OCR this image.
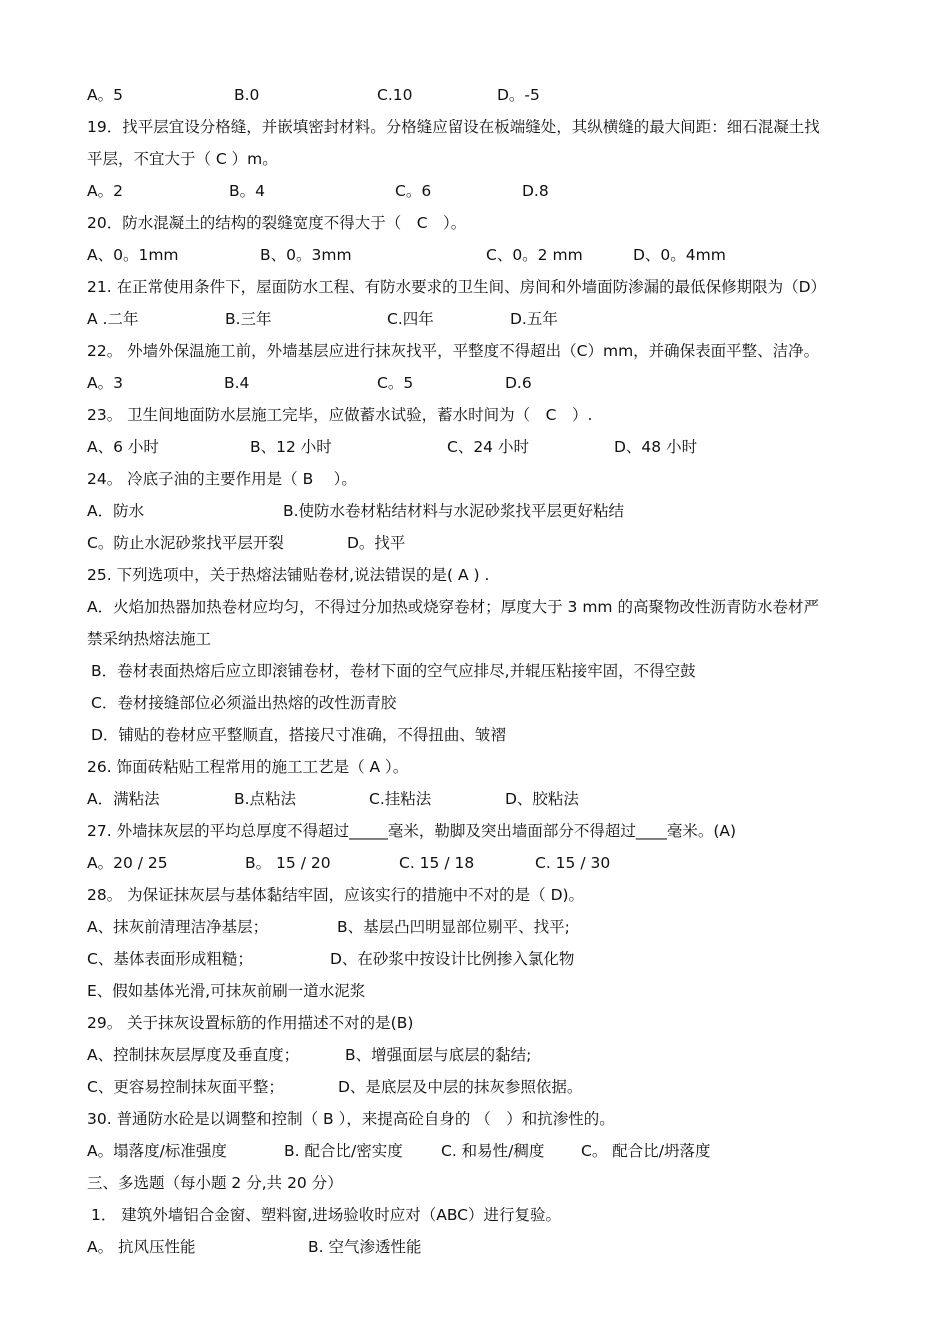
A。5	B.0	C.10	D。-5
19．找平层宜设分格缝，并嵌填密封材料。分格缝应留设在板端缝处，其纵横缝的最大间距：细石混凝土找
平层，不宜大于（ C ）m。
A。2	B。4	C。6	D.8
20．防水混凝土的结构的裂缝宽度不得大于（　C　）。
A、0。1mm	B、0。3mm	C、0。2 mm	D、0。4mm
21. 在正常使用条件下，屋面防水工程、有防水要求的卫生间、房间和外墙面防渗漏的最低保修期限为（D）
A .二年	B.三年	C.四年	D.五年
22。 外墙外保温施工前，外墙基层应进行抹灰找平，平整度不得超出（C）mm，并确保表面平整、洁净。
A。3	B.4	C。5	D.6
23。 卫生间地面防水层施工完毕，应做蓄水试验，蓄水时间为（　C　）.
A、6 小时	B、12 小时	C、24 小时	D、48 小时
24。 冷底子油的主要作用是（ B　 ）。
A．防水	B.使防水卷材粘结材料与水泥砂浆找平层更好粘结
C。防止水泥砂浆找平层开裂	D。找平
25. 下列选项中，关于热熔法铺贴卷材,说法错误的是( A ) .
A．火焰加热器加热卷材应均匀，不得过分加热或烧穿卷材；厚度大于 3 mm 的高聚物改性沥青防水卷材严
禁采纳热熔法施工
B．卷材表面热熔后应立即滚铺卷材，卷材下面的空气应排尽,并辊压粘接牢固，不得空鼓
C．卷材接缝部位必须溢出热熔的改性沥青胶
D．铺贴的卷材应平整顺直，搭接尺寸准确，不得扭曲、皱褶
26. 饰面砖粘贴工程常用的施工工艺是（ A ）。
A．满粘法	B.点粘法	C.挂粘法	D、胶粘法
27. 外墙抹灰层的平均总厚度不得超过_____毫米，勒脚及突出墙面部分不得超过____毫米。(A)
A。20 / 25	B。 15 / 20	C. 15 / 18	C. 15 / 30
28。 为保证抹灰层与基体黏结牢固，应该实行的措施中不对的是（ D)。
A、抹灰前清理洁净基层；	B、基层凸凹明显部位剔平、找平;
C、基体表面形成粗糙；	D、在砂浆中按设计比例掺入氯化物
E、假如基体光滑,可抹灰前刷一道水泥浆
29。 关于抹灰设置标筋的作用描述不对的是(B)
A、控制抹灰层厚度及垂直度；	B、增强面层与底层的黏结;
C、更容易控制抹灰面平整；	D、是底层及中层的抹灰参照依据。
30. 普通防水砼是以调整和控制（ B ），来提高砼自身的 （　）和抗渗性的。
A。塌落度/标准强度	B. 配合比/密实度 C. 和易性/稠度 C。 配合比/坍落度
三、多选题（每小题 2 分,共 20 分）
1． 建筑外墙铝合金窗、塑料窗,进场验收时应对（ABC）进行复验。
A。 抗风压性能	B. 空气渗透性能
